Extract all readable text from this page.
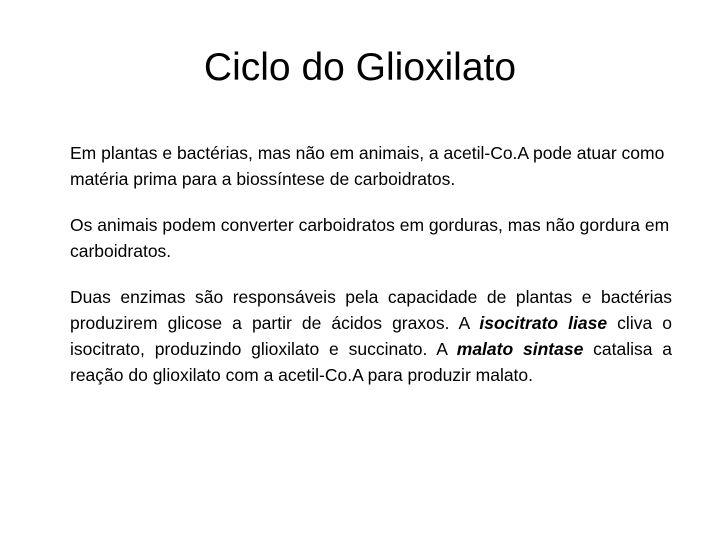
Ciclo do Glioxilato

Em plantas e bactérias, mas não em animais, a acetil-Co.A pode atuar como matéria prima para a biossíntese de carboidratos.

Os animais podem converter carboidratos em gorduras, mas não gordura em carboidratos.

Duas enzimas são responsáveis pela capacidade de plantas e bactérias produzirem glicose a partir de ácidos graxos. A isocitrato liase cliva o isocitrato, produzindo glioxilato e succinato. A malato sintase catalisa a reação do glioxilato com a acetil-Co.A para produzir malato.
